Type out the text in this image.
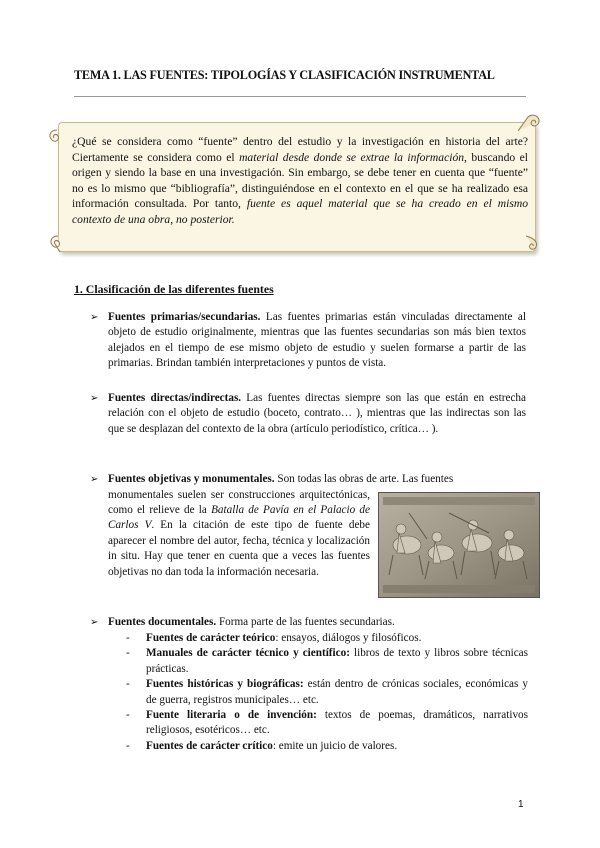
TEMA 1. LAS FUENTES: TIPOLOGÍAS Y CLASIFICACIÓN INSTRUMENTAL
¿Qué se considera como “fuente” dentro del estudio y la investigación en historia del arte? Ciertamente se considera como el material desde donde se extrae la información, buscando el origen y siendo la base en una investigación. Sin embargo, se debe tener en cuenta que “fuente” no es lo mismo que “bibliografía”, distinguiéndose en el contexto en el que se ha realizado esa información consultada. Por tanto, fuente es aquel material que se ha creado en el mismo contexto de una obra, no posterior.
1. Clasificación de las diferentes fuentes
➢ Fuentes primarias/secundarias. Las fuentes primarias están vinculadas directamente al objeto de estudio originalmente, mientras que las fuentes secundarias son más bien textos alejados en el tiempo de ese mismo objeto de estudio y suelen formarse a partir de las primarias. Brindan también interpretaciones y puntos de vista.
➢ Fuentes directas/indirectas. Las fuentes directas siempre son las que están en estrecha relación con el objeto de estudio (boceto, contrato… ), mientras que las indirectas son las que se desplazan del contexto de la obra (artículo periodístico, crítica… ).
➢ Fuentes objetivas y monumentales. Son todas las obras de arte. Las fuentes
monumentales suelen ser construcciones arquitectónicas, como el relieve de la Batalla de Pavía en el Palacio de Carlos V. En la citación de este tipo de fuente debe aparecer el nombre del autor, fecha, técnica y localización in situ. Hay que tener en cuenta que a veces las fuentes objetivas no dan toda la información necesaria.
➢ Fuentes documentales. Forma parte de las fuentes secundarias.
- Fuentes de carácter teórico: ensayos, diálogos y filosóficos.
- Manuales de carácter técnico y científico: libros de texto y libros sobre técnicas prácticas.
- Fuentes históricas y biográficas: están dentro de crónicas sociales, económicas y de guerra, registros municipales… etc.
- Fuente literaria o de invención: textos de poemas, dramáticos, narrativos religiosos, esotéricos… etc.
- Fuentes de carácter crítico: emite un juicio de valores.
1
